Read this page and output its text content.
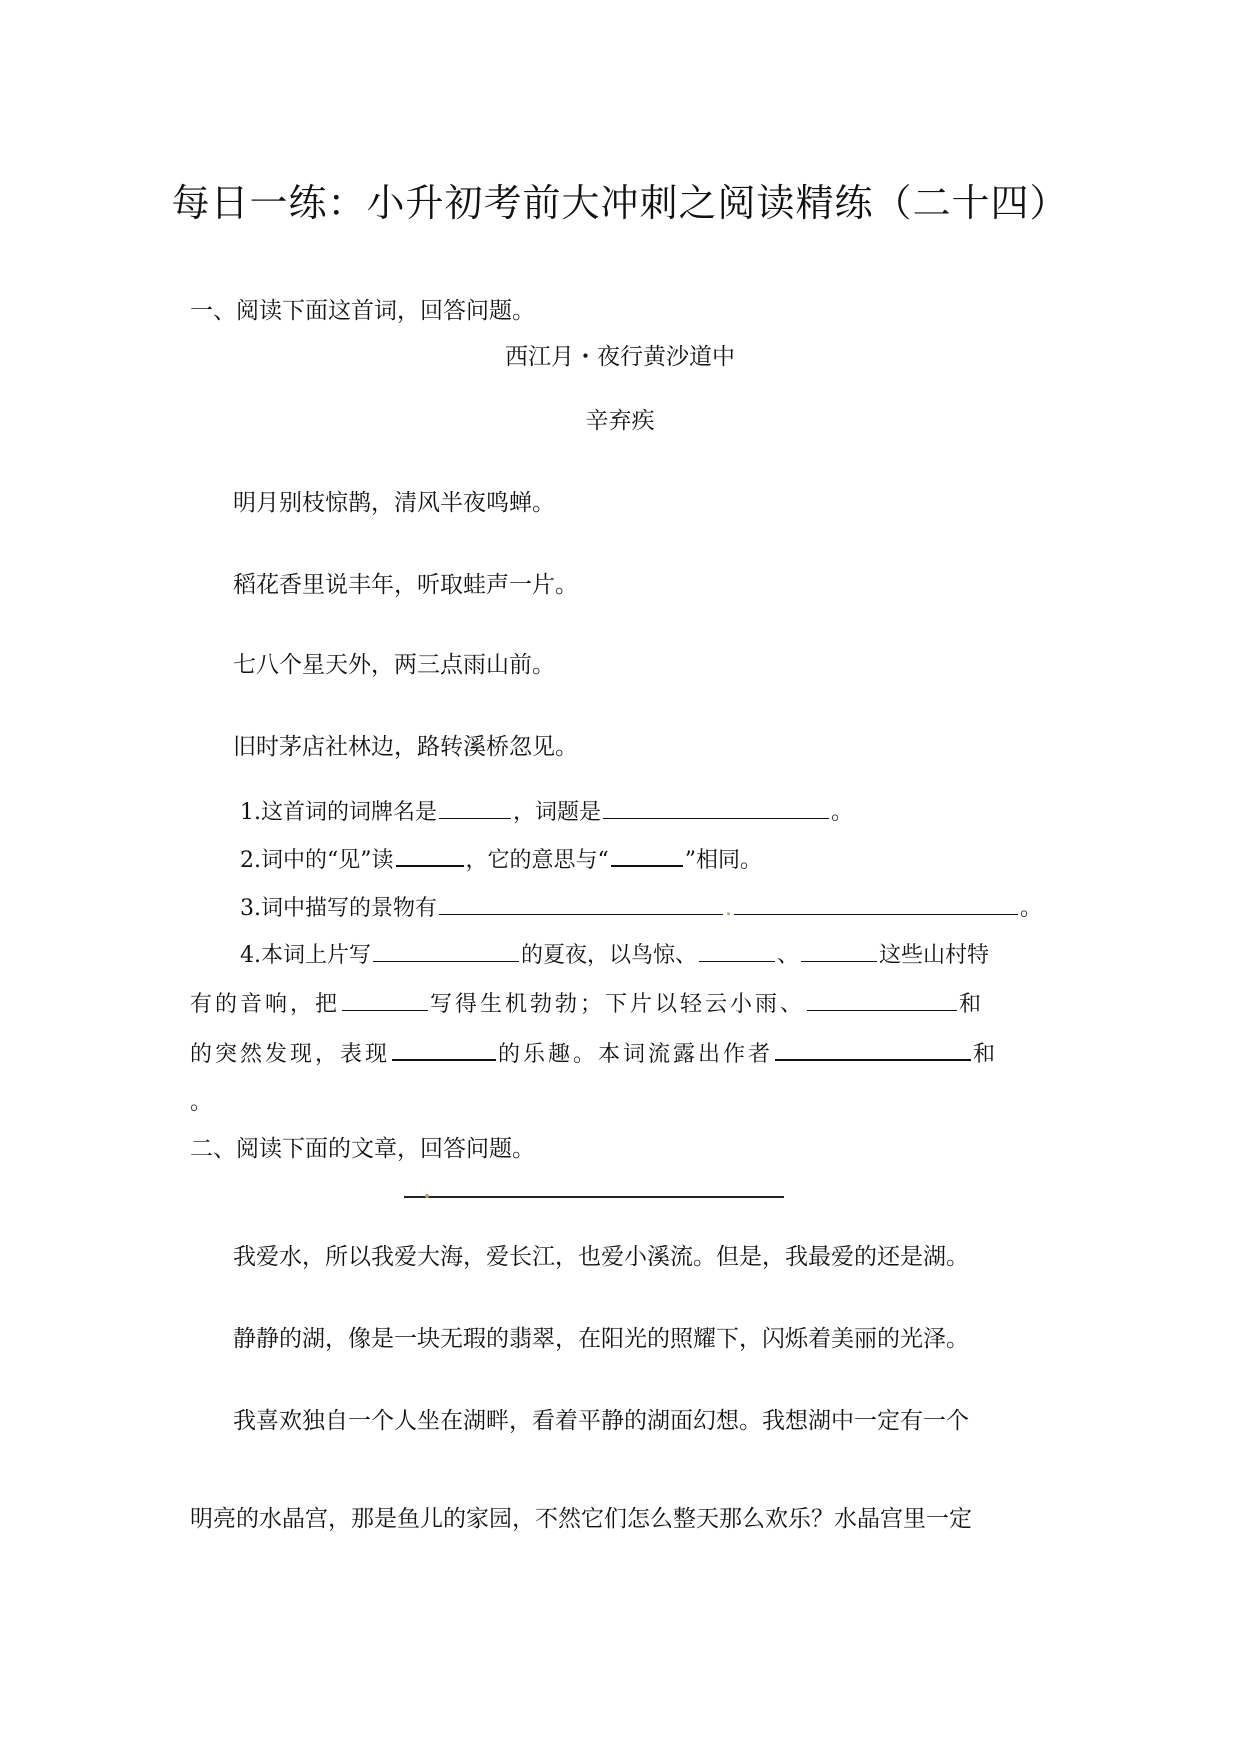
每日一练：小升初考前大冲刺之阅读精练（二十四）
一、阅读下面这首词，回答问题。
西江月・夜行黄沙道中
辛弃疾
明月别枝惊鹊，清风半夜鸣蝉。
稻花香里说丰年，听取蛙声一片。
七八个星天外，两三点雨山前。
旧时茅店社林边，路转溪桥忽见。
1.这首词的词牌名是	，词题是	。
2.词中的“见”读	，它的意思与“	”相同。
3.词中描写的景物有	.	。
4.本词上片写	的夏夜，以鸟惊、	、	这些山村特
有的音响，把	写得生机勃勃；下片以轻云小雨、	和
的突然发现，表现	的乐趣。本词流露出作者	和
。
二、阅读下面的文章，回答问题。
我爱水，所以我爱大海，爱长江，也爱小溪流。但是，我最爱的还是湖。
静静的湖，像是一块无瑕的翡翠，在阳光的照耀下，闪烁着美丽的光泽。
我喜欢独自一个人坐在湖畔，看着平静的湖面幻想。我想湖中一定有一个
明亮的水晶宫，那是鱼儿的家园，不然它们怎么整天那么欢乐？水晶宫里一定
